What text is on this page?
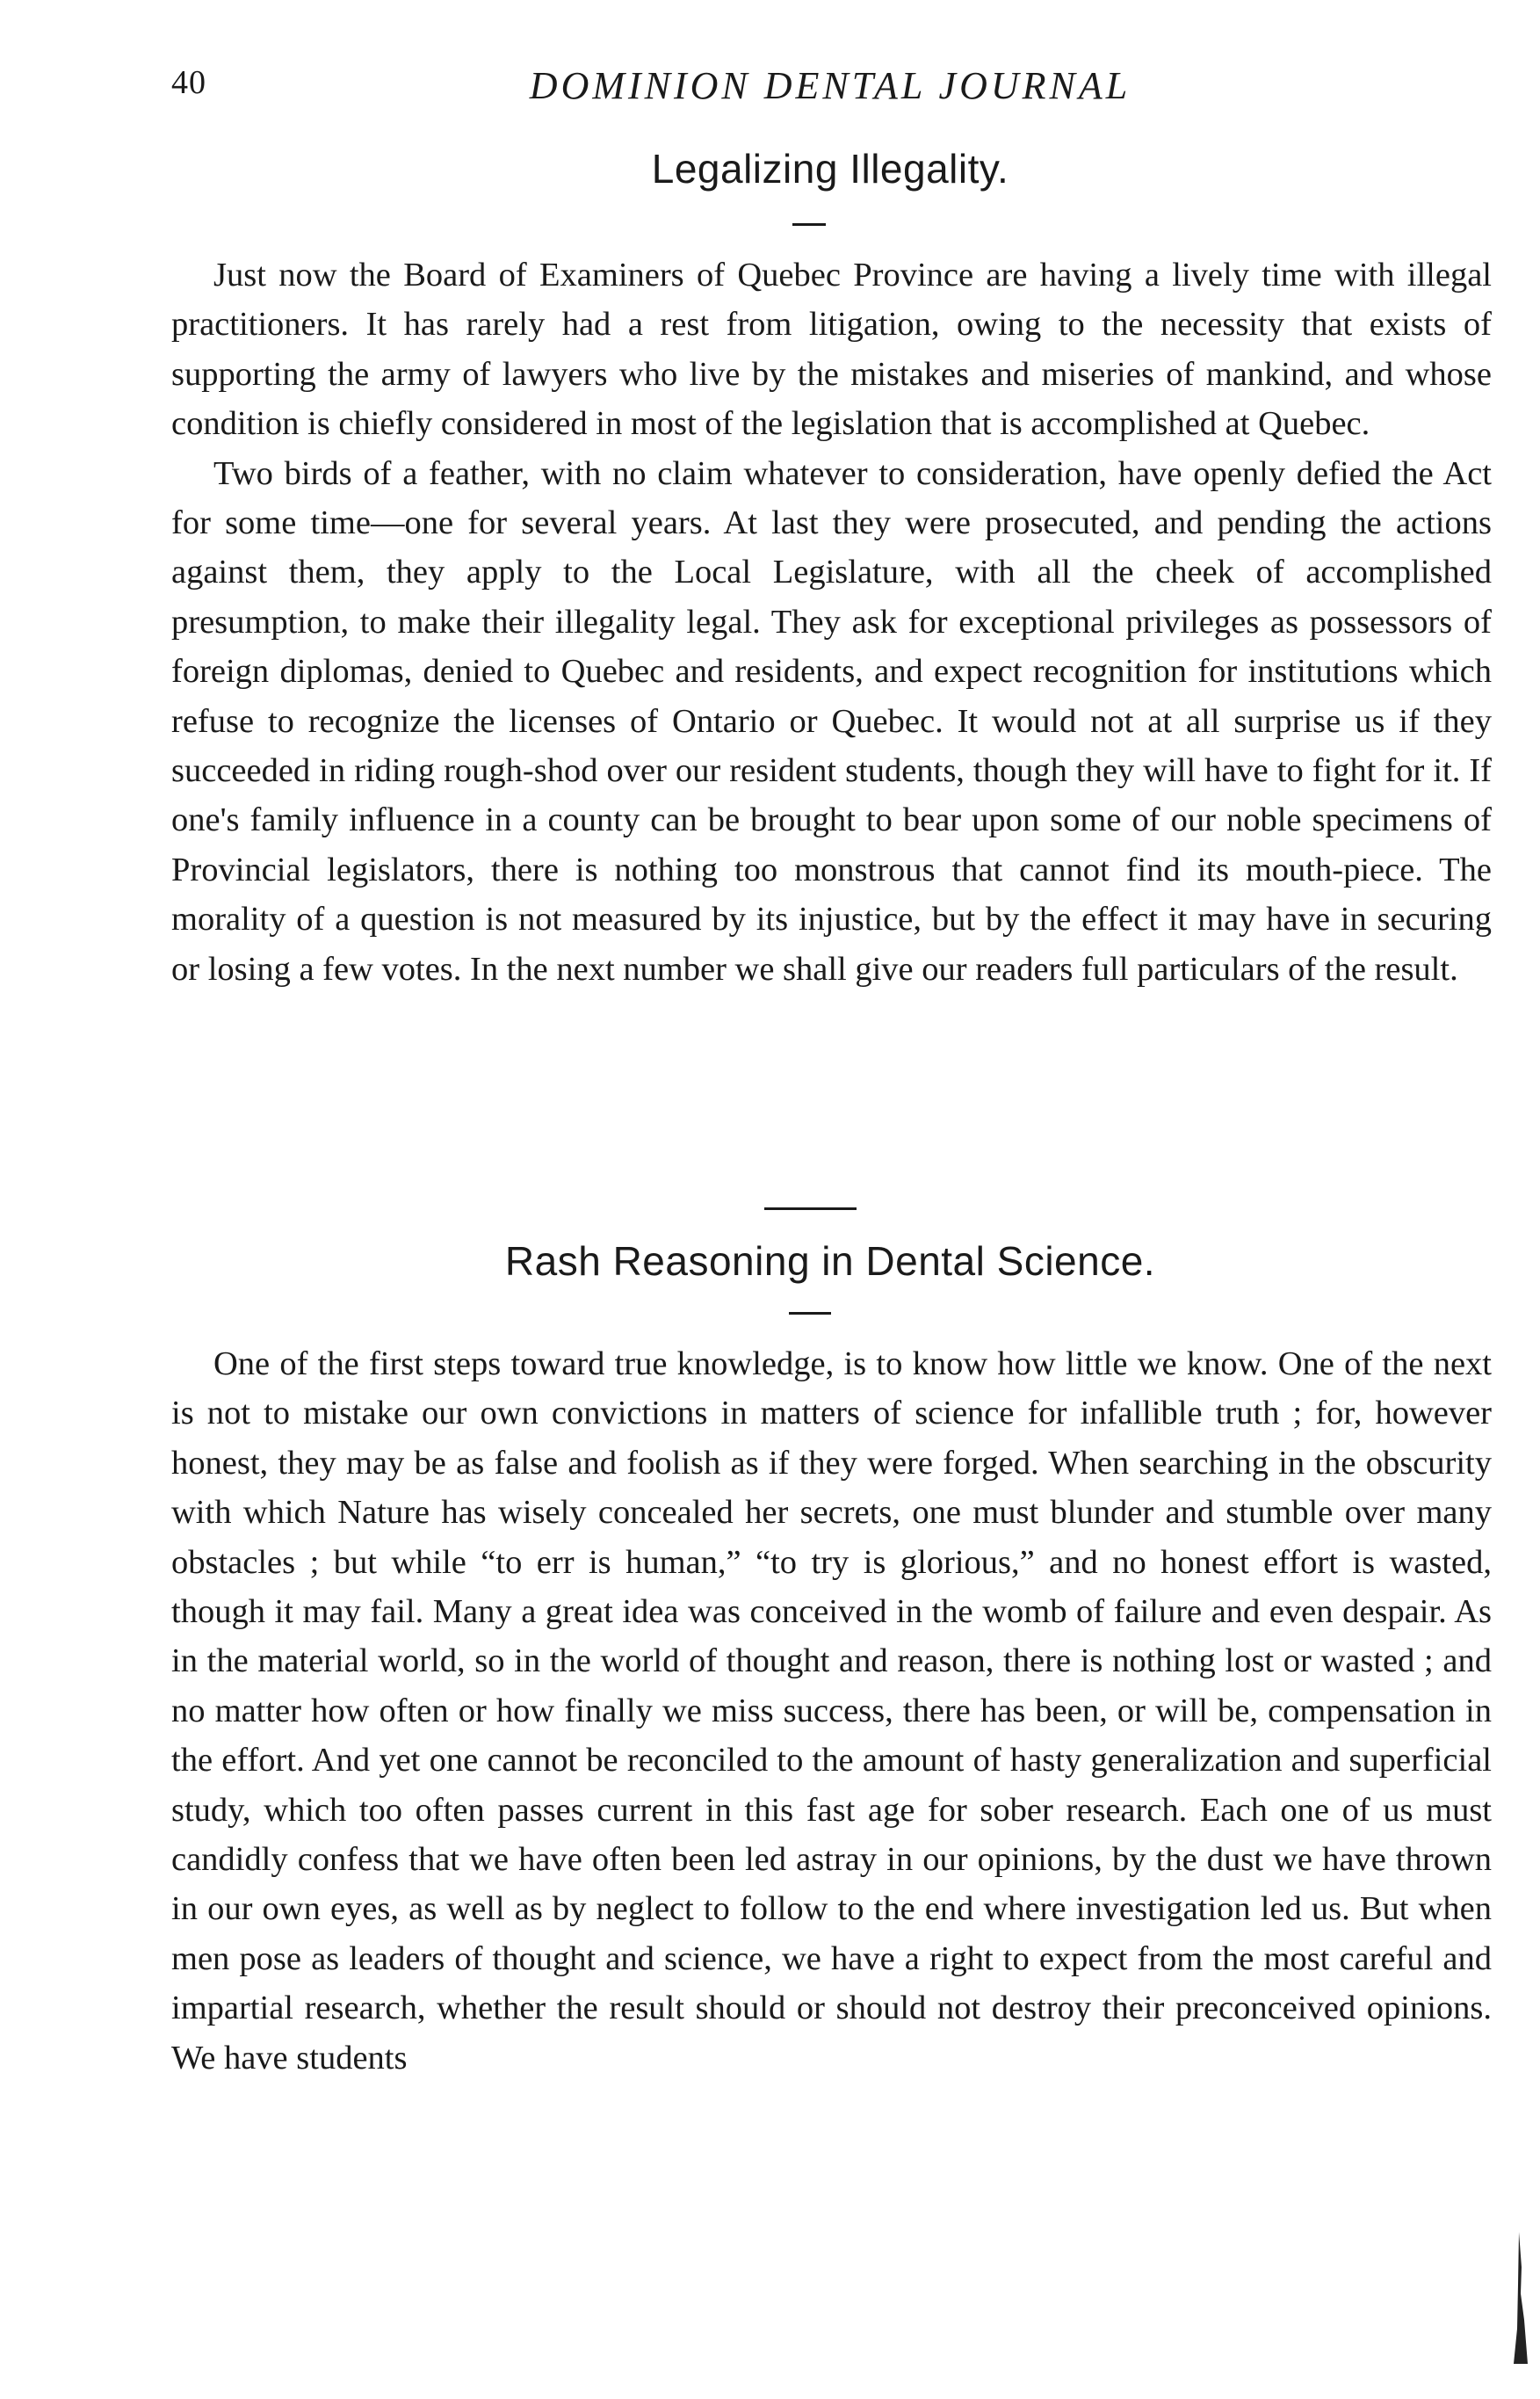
40	DOMINION DENTAL JOURNAL
Legalizing Illegality.

Just now the Board of Examiners of Quebec Province are having a lively time with illegal practitioners. It has rarely had a rest from litigation, owing to the necessity that exists of supporting the army of lawyers who live by the mistakes and miseries of mankind, and whose condition is chiefly considered in most of the legislation that is accomplished at Quebec.

Two birds of a feather, with no claim whatever to consideration, have openly defied the Act for some time—one for several years. At last they were prosecuted, and pending the actions against them, they apply to the Local Legislature, with all the cheek of accomplished presumption, to make their illegality legal. They ask for exceptional privileges as possessors of foreign diplomas, denied to Quebec and residents, and expect recognition for institutions which refuse to recognize the licenses of Ontario or Quebec. It would not at all surprise us if they succeeded in riding rough-shod over our resident students, though they will have to fight for it. If one's family influence in a county can be brought to bear upon some of our noble specimens of Provincial legislators, there is nothing too monstrous that cannot find its mouth-piece. The morality of a question is not measured by its injustice, but by the effect it may have in securing or losing a few votes. In the next number we shall give our readers full particulars of the result.

Rash Reasoning in Dental Science.

One of the first steps toward true knowledge, is to know how little we know. One of the next is not to mistake our own convictions in matters of science for infallible truth ; for, however honest, they may be as false and foolish as if they were forged. When searching in the obscurity with which Nature has wisely concealed her secrets, one must blunder and stumble over many obstacles ; but while “to err is human,” “to try is glorious,” and no honest effort is wasted, though it may fail. Many a great idea was conceived in the womb of failure and even despair. As in the material world, so in the world of thought and reason, there is nothing lost or wasted ; and no matter how often or how finally we miss success, there has been, or will be, compensation in the effort. And yet one cannot be reconciled to the amount of hasty generalization and superficial study, which too often passes current in this fast age for sober research. Each one of us must candidly confess that we have often been led astray in our opinions, by the dust we have thrown in our own eyes, as well as by neglect to follow to the end where investigation led us. But when men pose as leaders of thought and science, we have a right to expect from the most careful and impartial research, whether the result should or should not destroy their preconceived opinions. We have students
